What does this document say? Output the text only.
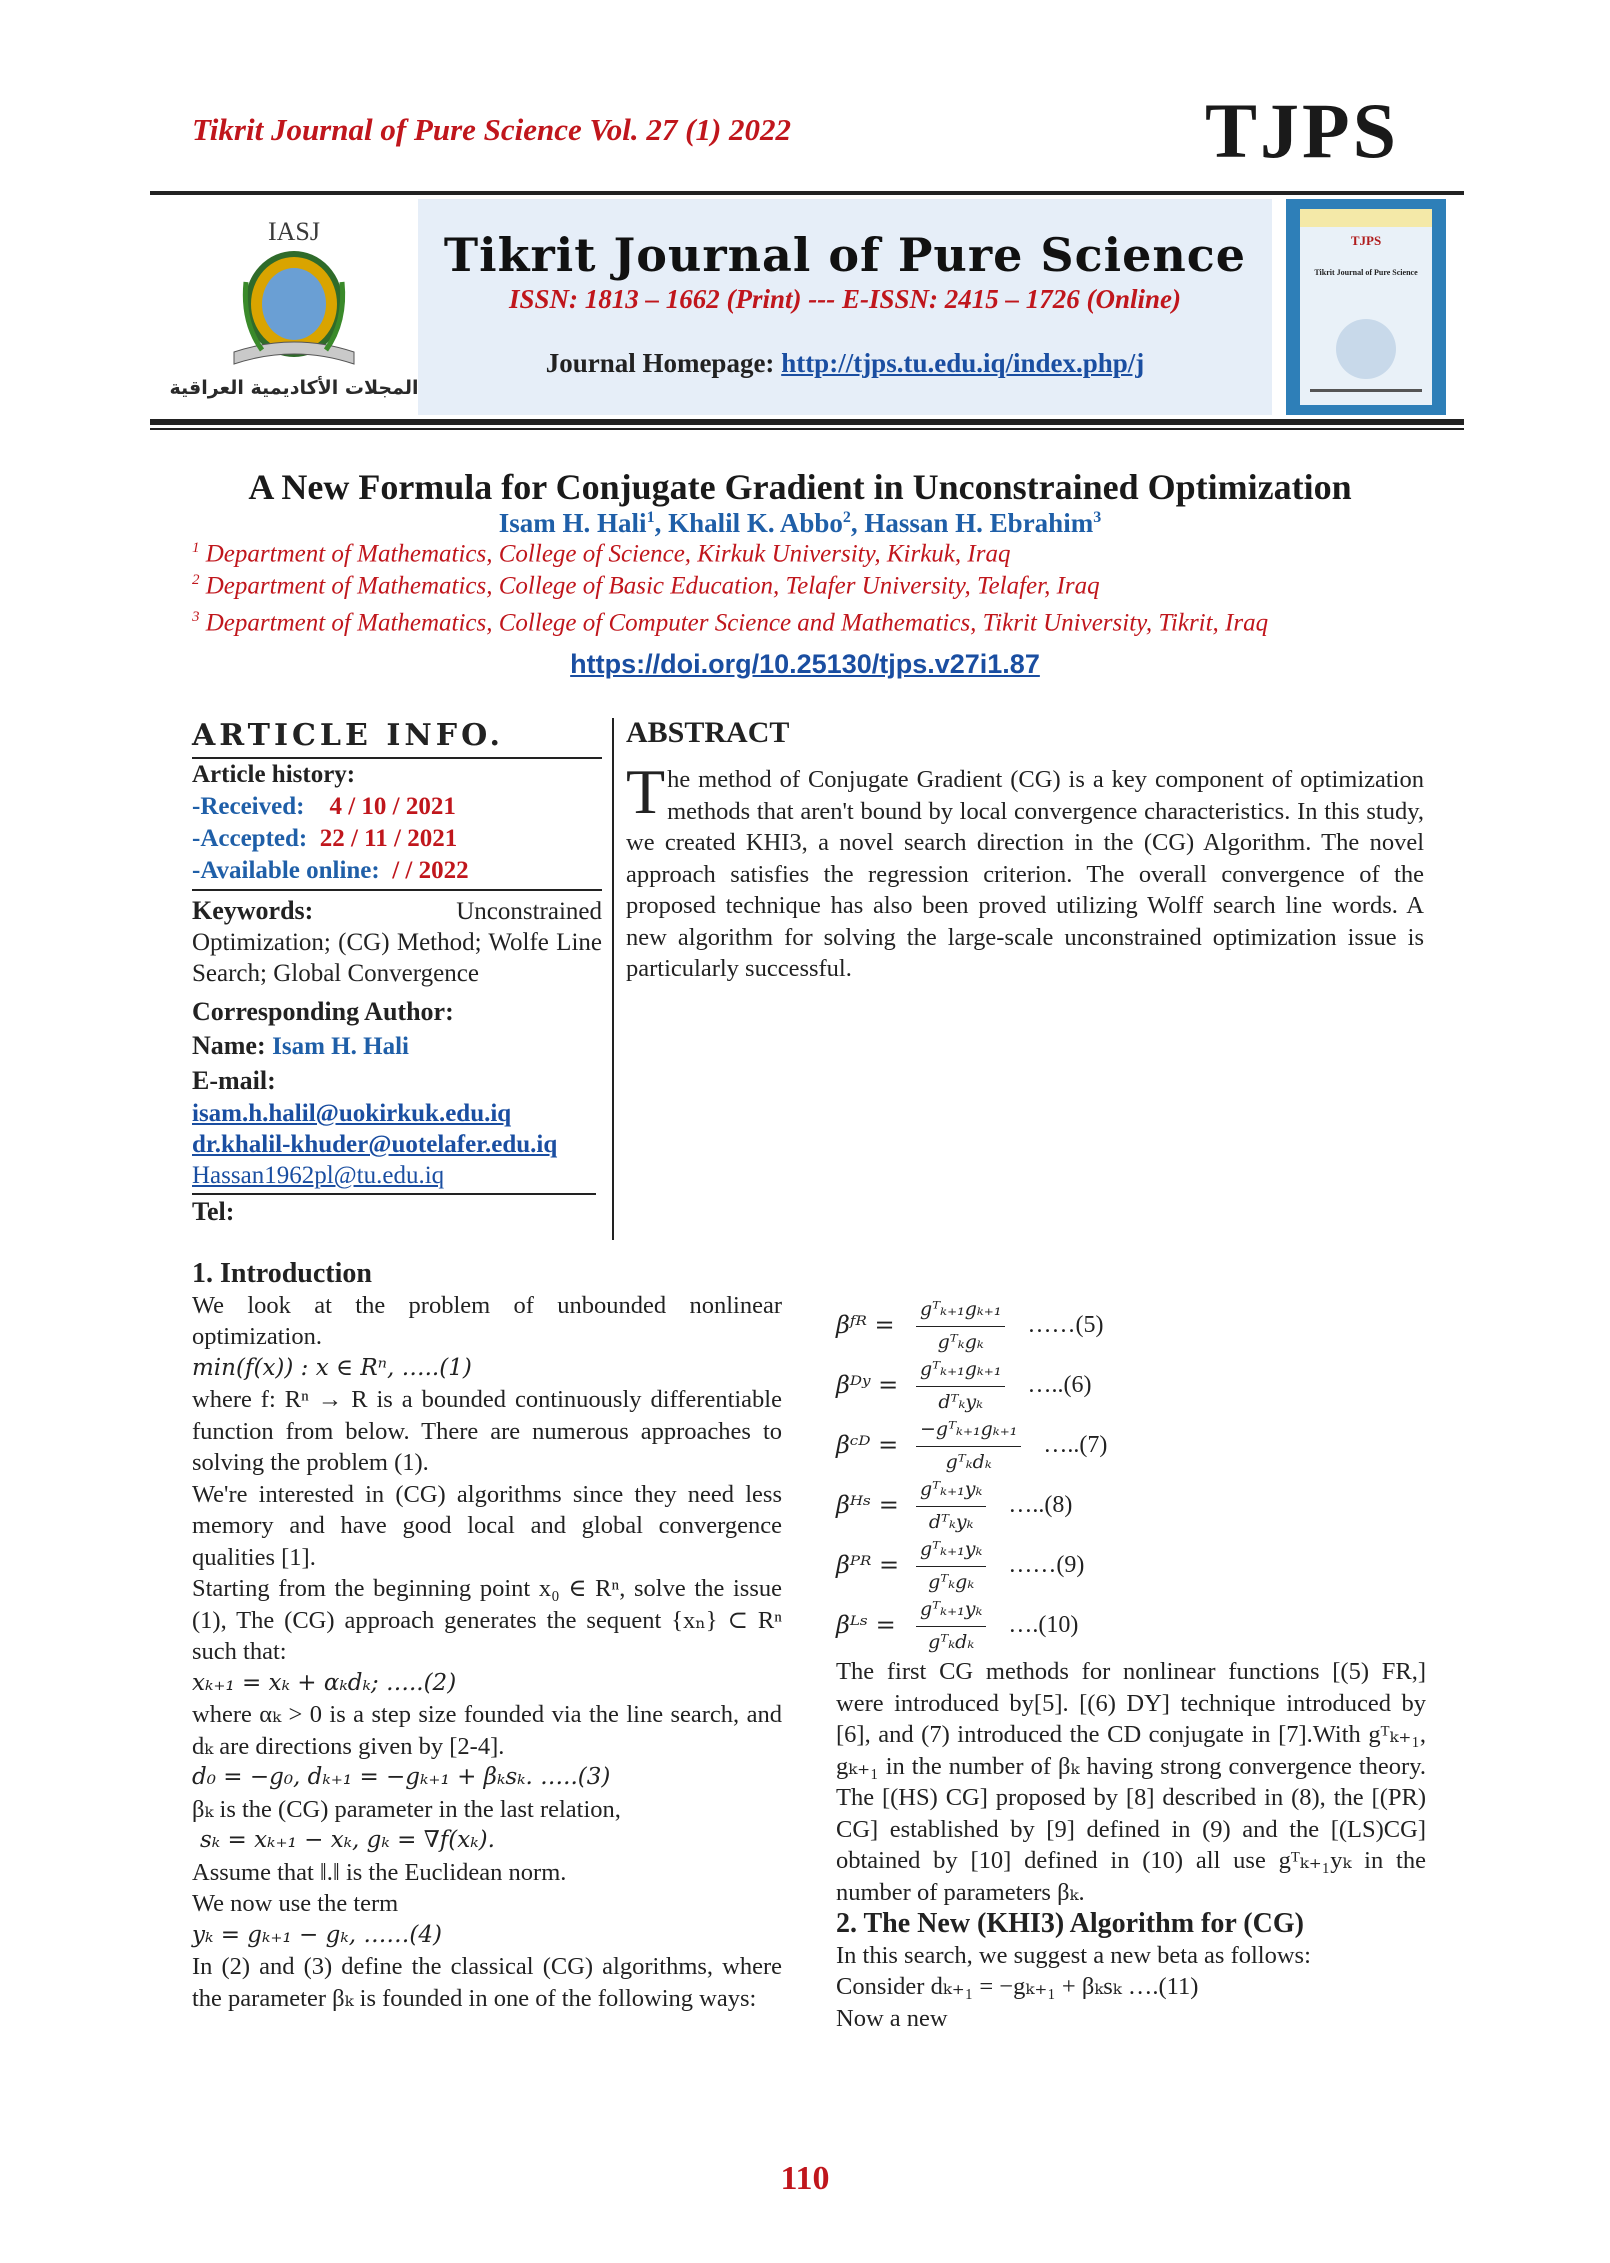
Tikrit Journal of Pure Science Vol. 27 (1) 2022	TJPS
IASJ
المجلات الأكاديمية العراقية
Tikrit Journal of Pure Science
ISSN: 1813 – 1662 (Print) --- E-ISSN: 2415 – 1726 (Online)
Journal Homepage: http://tjps.tu.edu.iq/index.php/j
TJPS
Tikrit Journal of Pure Science
A New Formula for Conjugate Gradient in Unconstrained Optimization
Isam H. Hali$^1$, Khalil K. Abbo$^2$, Hassan H. Ebrahim$^3$
$^1$ Department of Mathematics, College of Science, Kirkuk University, Kirkuk, Iraq
$^2$ Department of Mathematics, College of Basic Education, Telafer University, Telafer, Iraq
$^3$ Department of Mathematics, College of Computer Science and Mathematics, Tikrit University, Tikrit, Iraq
https://doi.org/10.25130/tjps.v27i1.87
ARTICLE INFO.
Article history:
-Received: 4 / 10 / 2021
-Accepted: 22 / 11 / 2021
-Available online: / / 2022
Keywords:	Unconstrained Optimization; (CG) Method; Wolfe Line Search; Global Convergence
Corresponding Author:
Name: Isam H. Hali
E-mail:
isam.h.halil@uokirkuk.edu.iq
dr.khalil-khuder@uotelafer.edu.iq
Hassan1962pl@tu.edu.iq
Tel:
ABSTRACT
The method of Conjugate Gradient (CG) is a key component of optimization methods that aren't bound by local convergence characteristics. In this study, we created KHI3, a novel search direction in the (CG) Algorithm. The novel approach satisfies the regression criterion. The overall convergence of the proposed technique has also been proved utilizing Wolff search line words. A new algorithm for solving the large-scale unconstrained optimization issue is particularly successful.
1. Introduction
We look at the problem of unbounded nonlinear optimization.
min(f(x)) : x ∈ Rⁿ, …..(1)
where f: Rⁿ → R is a bounded continuously differentiable function from below. There are numerous approaches to solving the problem (1).
We're interested in (CG) algorithms since they need less memory and have good local and global convergence qualities [1].
Starting from the beginning point x₀ ∈ Rⁿ, solve the issue (1), The (CG) approach generates the sequent {xₙ} ⊂ Rⁿ such that:
xₖ₊₁ = xₖ + αₖdₖ; …..(2)
where αₖ > 0 is a step size founded via the line search, and dₖ are directions given by [2-4].
d₀ = −g₀, dₖ₊₁ = −gₖ₊₁ + βₖsₖ. …..(3)
βₖ is the (CG) parameter in the last relation,
sₖ = xₖ₊₁ − xₖ, gₖ = ∇f(xₖ).
Assume that ‖.‖ is the Euclidean norm.
We now use the term
yₖ = gₖ₊₁ − gₖ, ……(4)
In (2) and (3) define the classical (CG) algorithms, where the parameter βₖ is founded in one of the following ways:
βᶠᴿ =	$\frac{\text{gᵀₖ₊₁gₖ₊₁}}{\text{gᵀₖgₖ}}$ ……(5)
βᴰʸ = $\frac{\text{gᵀₖ₊₁gₖ₊₁}}{\text{dᵀₖyₖ}}$ …..(6)
βᶜᴰ = $\frac{\text{−gᵀₖ₊₁gₖ₊₁}}{\text{gᵀₖdₖ}}$ …..(7)
βᴴˢ = $\frac{\text{gᵀₖ₊₁yₖ}}{\text{dᵀₖyₖ}}$ …..(8)
βᴾᴿ = $\frac{\text{gᵀₖ₊₁yₖ}}{\text{gᵀₖgₖ}}$ ……(9)
βᴸˢ =	$\frac{\text{gᵀₖ₊₁yₖ}}{\text{gᵀₖdₖ}}$ ….(10)
The first CG methods for nonlinear functions [(5) FR,] were introduced by[5]. [(6) DY] technique introduced by [6], and (7) introduced the CD conjugate in [7].With gᵀₖ₊₁, gₖ₊₁ in the number of βₖ having strong convergence theory. The [(HS) CG] proposed by [8] described in (8), the [(PR) CG] established by [9] defined in (9) and the [(LS)CG] obtained by [10] defined in (10) all use gᵀₖ₊₁yₖ in the number of parameters βₖ.
2. The New (KHI3) Algorithm for (CG)
In this search, we suggest a new beta as follows:
Consider dₖ₊₁ = −gₖ₊₁ + βₖsₖ ….(11)
Now a new
110
